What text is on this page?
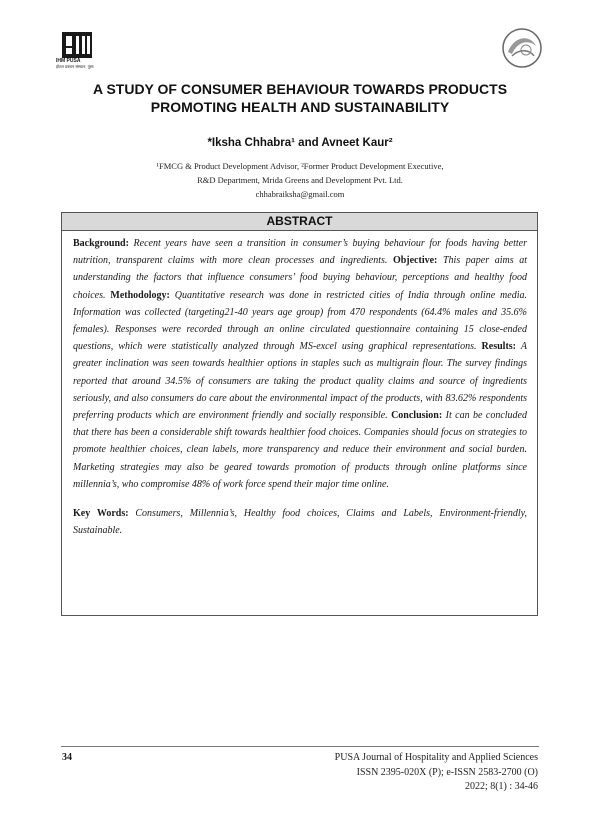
IHM PUSA
होटल प्रबंधन संस्थान, पूसा
A STUDY OF CONSUMER BEHAVIOUR TOWARDS PRODUCTS
PROMOTING HEALTH AND SUSTAINABILITY
*Iksha Chhabra¹ and Avneet Kaur²
¹FMCG & Product Development Advisor, ²Former Product Development Executive,
R&D Department, Mrida Greens and Development Pvt. Ltd.
chhabraiksha@gmail.com
ABSTRACT
Background: Recent years have seen a transition in consumer’s buying behaviour for foods having better nutrition, transparent claims with more clean processes and ingredients. Objective: This paper aims at understanding the factors that influence consumers’ food buying behaviour, perceptions and healthy food choices. Methodology: Quantitative research was done in restricted cities of India through online media. Information was collected (targeting21-40 years age group) from 470 respondents (64.4% males and 35.6% females). Responses were recorded through an online circulated questionnaire containing 15 close-ended questions, which were statistically analyzed through MS-excel using graphical representations. Results: A greater inclination was seen towards healthier options in staples such as multigrain flour. The survey findings reported that around 34.5% of consumers are taking the product quality claims and source of ingredients seriously, and also consumers do care about the environmental impact of the products, with 83.62% respondents preferring products which are environment friendly and socially responsible. Conclusion: It can be concluded that there has been a considerable shift towards healthier food choices. Companies should focus on strategies to promote healthier choices, clean labels, more transparency and reduce their environment and social burden. Marketing strategies may also be geared towards promotion of products through online platforms since millennia’s, who compromise 48% of work force spend their major time online.
Key Words: Consumers, Millennia’s, Healthy food choices, Claims and Labels, Environment-friendly, Sustainable.
34	PUSA Journal of Hospitality and Applied Sciences
ISSN 2395-020X (P); e-ISSN 2583-2700 (O)
2022; 8(1) : 34-46
